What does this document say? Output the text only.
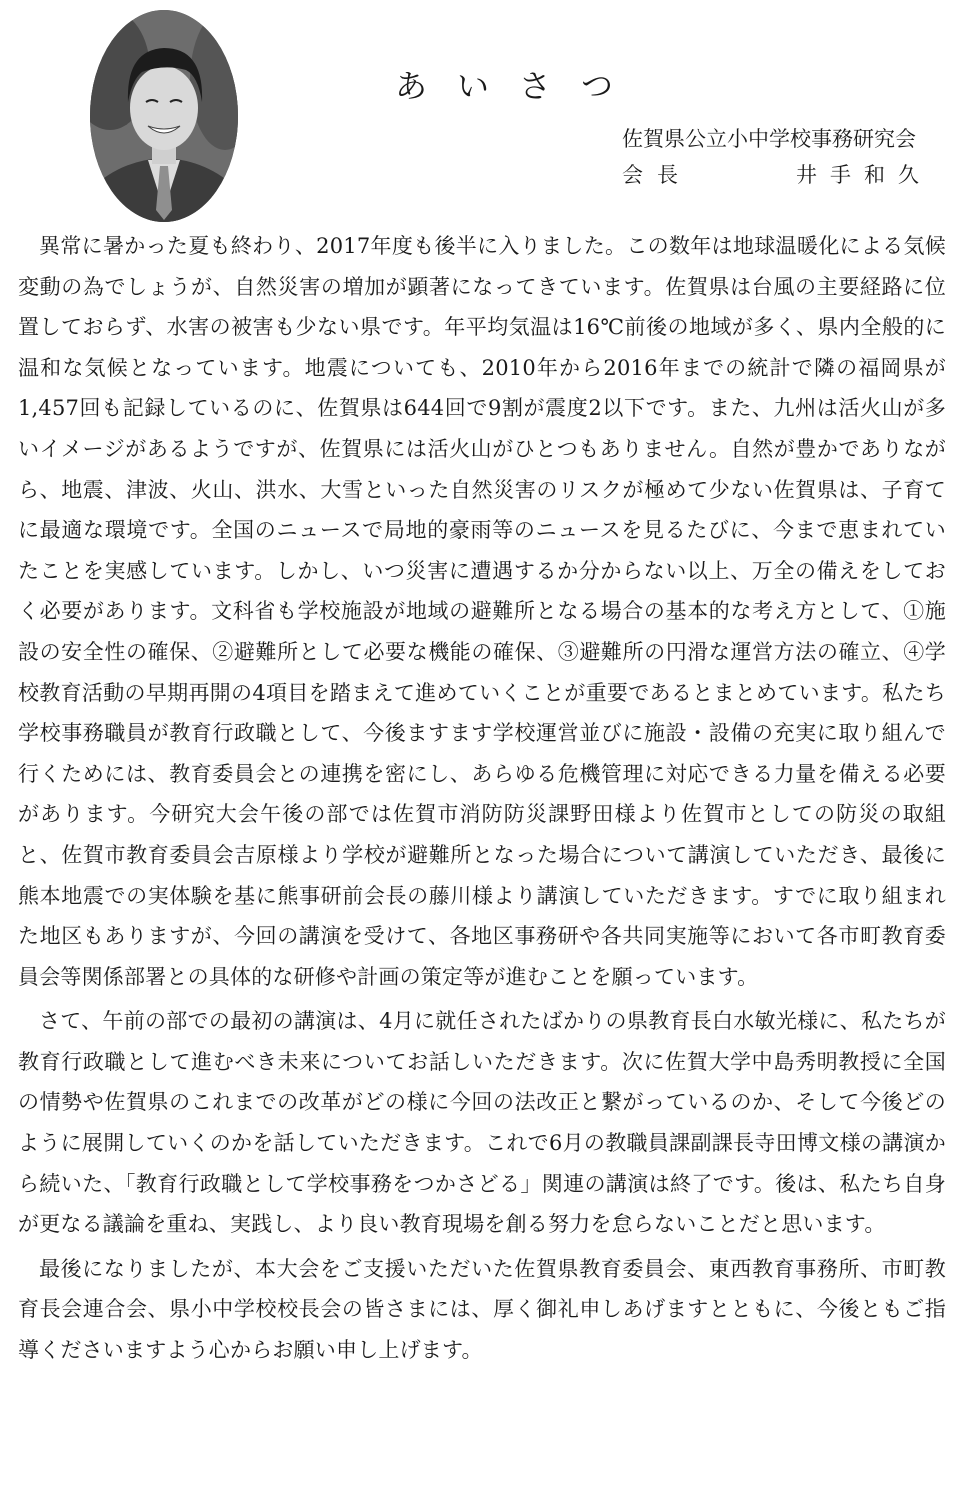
あいさつ
佐賀県公立小中学校事務研究会
会長	井手和久

異常に暑かった夏も終わり、2017年度も後半に入りました。この数年は地球温暖化による気候変動の為でしょうが、自然災害の増加が顕著になってきています。佐賀県は台風の主要経路に位置しておらず、水害の被害も少ない県です。年平均気温は16℃前後の地域が多く、県内全般的に温和な気候となっています。地震についても、2010年から2016年までの統計で隣の福岡県が1,457回も記録しているのに、佐賀県は644回で9割が震度2以下です。また、九州は活火山が多いイメージがあるようですが、佐賀県には活火山がひとつもありません。自然が豊かでありながら、地震、津波、火山、洪水、大雪といった自然災害のリスクが極めて少ない佐賀県は、子育てに最適な環境です。全国のニュースで局地的豪雨等のニュースを見るたびに、今まで恵まれていたことを実感しています。しかし、いつ災害に遭遇するか分からない以上、万全の備えをしておく必要があります。文科省も学校施設が地域の避難所となる場合の基本的な考え方として、①施設の安全性の確保、②避難所として必要な機能の確保、③避難所の円滑な運営方法の確立、④学校教育活動の早期再開の4項目を踏まえて進めていくことが重要であるとまとめています。私たち学校事務職員が教育行政職として、今後ますます学校運営並びに施設・設備の充実に取り組んで行くためには、教育委員会との連携を密にし、あらゆる危機管理に対応できる力量を備える必要があります。今研究大会午後の部では佐賀市消防防災課野田様より佐賀市としての防災の取組と、佐賀市教育委員会吉原様より学校が避難所となった場合について講演していただき、最後に熊本地震での実体験を基に熊事研前会長の藤川様より講演していただきます。すでに取り組まれた地区もありますが、今回の講演を受けて、各地区事務研や各共同実施等において各市町教育委員会等関係部署との具体的な研修や計画の策定等が進むことを願っています。

さて、午前の部での最初の講演は、4月に就任されたばかりの県教育長白水敏光様に、私たちが教育行政職として進むべき未来についてお話しいただきます。次に佐賀大学中島秀明教授に全国の情勢や佐賀県のこれまでの改革がどの様に今回の法改正と繋がっているのか、そして今後どのように展開していくのかを話していただきます。これで6月の教職員課副課長寺田博文様の講演から続いた、「教育行政職として学校事務をつかさどる」関連の講演は終了です。後は、私たち自身が更なる議論を重ね、実践し、より良い教育現場を創る努力を怠らないことだと思います。

最後になりましたが、本大会をご支援いただいた佐賀県教育委員会、東西教育事務所、市町教育長会連合会、県小中学校校長会の皆さまには、厚く御礼申しあげますとともに、今後ともご指導くださいますよう心からお願い申し上げます。
